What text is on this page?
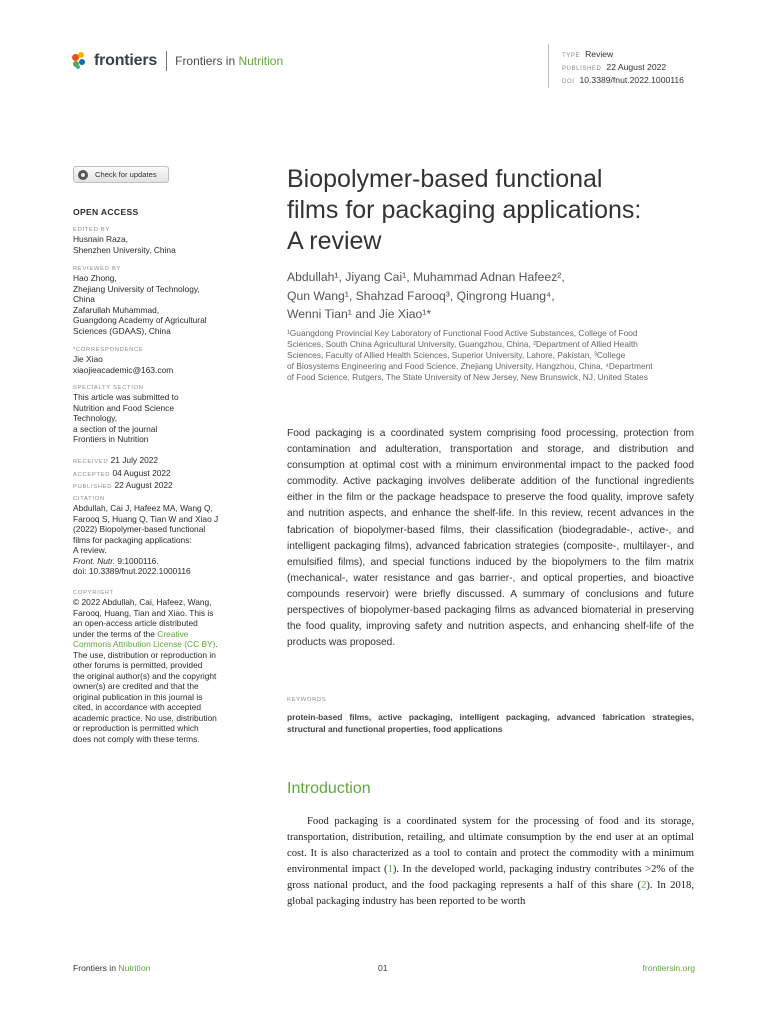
frontiers Frontiers in Nutrition	TYPE Review
PUBLISHED 22 August 2022
DOI 10.3389/fnut.2022.1000116
Check for updates
OPEN ACCESS
EDITED BY

Husnain Raza,

Shenzhen University, China

REVIEWED BY

Hao Zhong,

Zhejiang University of Technology,

China

Zafarullah Muhammad,

Guangdong Academy of Agricultural

Sciences (GDAAS), China

*CORRESPONDENCE

Jie Xiao

xiaojieacademic@163.com

SPECIALTY SECTION

This article was submitted to

Nutrition and Food Science

Technology,

a section of the journal

Frontiers in Nutrition

RECEIVED 21 July 2022

ACCEPTED 04 August 2022

PUBLISHED 22 August 2022

CITATION

Abdullah, Cai J, Hafeez MA, Wang Q,

Farooq S, Huang Q, Tian W and Xiao J

(2022) Biopolymer-based functional

films for packaging applications:

A review.

Front. Nutr. 9:1000116.

doi: 10.3389/fnut.2022.1000116

COPYRIGHT

© 2022 Abdullah, Cai, Hafeez, Wang,

Farooq, Huang, Tian and Xiao. This is

an open-access article distributed

under the terms of the Creative

Commons Attribution License (CC BY).

The use, distribution or reproduction in

other forums is permitted, provided

the original author(s) and the copyright

owner(s) are credited and that the

original publication in this journal is

cited, in accordance with accepted

academic practice. No use, distribution

or reproduction is permitted which

does not comply with these terms.

Biopolymer-based functional
films for packaging applications:
A review
Abdullah¹, Jiyang Cai¹, Muhammad Adnan Hafeez²,
Qun Wang¹, Shahzad Farooq³, Qingrong Huang⁴,
Wenni Tian¹ and Jie Xiao¹*
¹Guangdong Provincial Key Laboratory of Functional Food Active Substances, College of Food
Sciences, South China Agricultural University, Guangzhou, China, ²Department of Allied Health
Sciences, Faculty of Allied Health Sciences, Superior University, Lahore, Pakistan, ³College
of Biosystems Engineering and Food Science, Zhejiang University, Hangzhou, China, ⁴Department
of Food Science, Rutgers, The State University of New Jersey, New Brunswick, NJ, United States

Food packaging is a coordinated system comprising food processing, protection from contamination and adulteration, transportation and storage, and distribution and consumption at optimal cost with a minimum environmental impact to the packed food commodity. Active packaging involves deliberate addition of the functional ingredients either in the film or the package headspace to preserve the food quality, improve safety and nutrition aspects, and enhance the shelf-life. In this review, recent advances in the fabrication of biopolymer-based films, their classification (biodegradable-, active-, and intelligent packaging films), advanced fabrication strategies (composite-, multilayer-, and emulsified films), and special functions induced by the biopolymers to the film matrix (mechanical-, water resistance and gas barrier-, and optical properties, and bioactive compounds reservoir) were briefly discussed. A summary of conclusions and future perspectives of biopolymer-based packaging films as advanced biomaterial in preserving the food quality, improving safety and nutrition aspects, and enhancing shelf-life of the products was proposed.

KEYWORDS
protein-based films, active packaging, intelligent packaging, advanced fabrication strategies, structural and functional properties, food applications
Introduction

Food packaging is a coordinated system for the processing of food and its storage, transportation, distribution, retailing, and ultimate consumption by the end user at an optimal cost. It is also characterized as a tool to contain and protect the commodity with a minimum environmental impact (1). In the developed world, packaging industry contributes >2% of the gross national product, and the food packaging represents a half of this share (2). In 2018, global packaging industry has been reported to be worth

Frontiers in Nutrition	01	frontiersin.org
